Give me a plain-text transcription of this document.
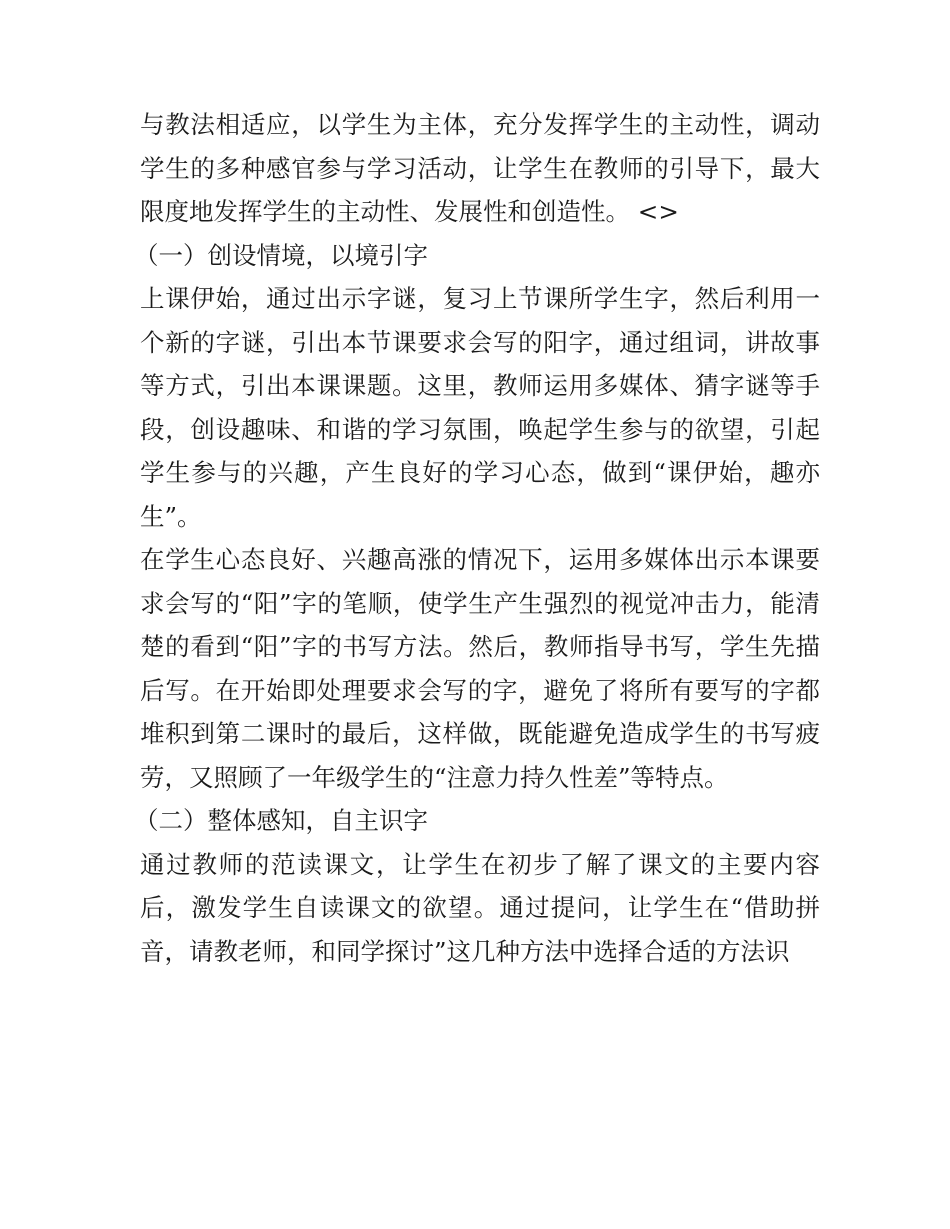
与教法相适应，以学生为主体，充分发挥学生的主动性，调动学生的多种感官参与学习活动，让学生在教师的引导下，最大限度地发挥学生的主动性、发展性和创造性。 <>

（一）创设情境，以境引字

上课伊始，通过出示字谜，复习上节课所学生字，然后利用一个新的字谜，引出本节课要求会写的阳字，通过组词，讲故事等方式，引出本课课题。这里，教师运用多媒体、猜字谜等手段，创设趣味、和谐的学习氛围，唤起学生参与的欲望，引起学生参与的兴趣，产生良好的学习心态，做到“课伊始，趣亦生”。

在学生心态良好、兴趣高涨的情况下，运用多媒体出示本课要求会写的“阳”字的笔顺，使学生产生强烈的视觉冲击力，能清楚的看到“阳”字的书写方法。然后，教师指导书写，学生先描后写。在开始即处理要求会写的字，避免了将所有要写的字都堆积到第二课时的最后，这样做，既能避免造成学生的书写疲劳，又照顾了一年级学生的“注意力持久性差”等特点。

（二）整体感知，自主识字

通过教师的范读课文，让学生在初步了解了课文的主要内容后，激发学生自读课文的欲望。通过提问，让学生在“借助拼音，请教老师，和同学探讨”这几种方法中选择合适的方法识
